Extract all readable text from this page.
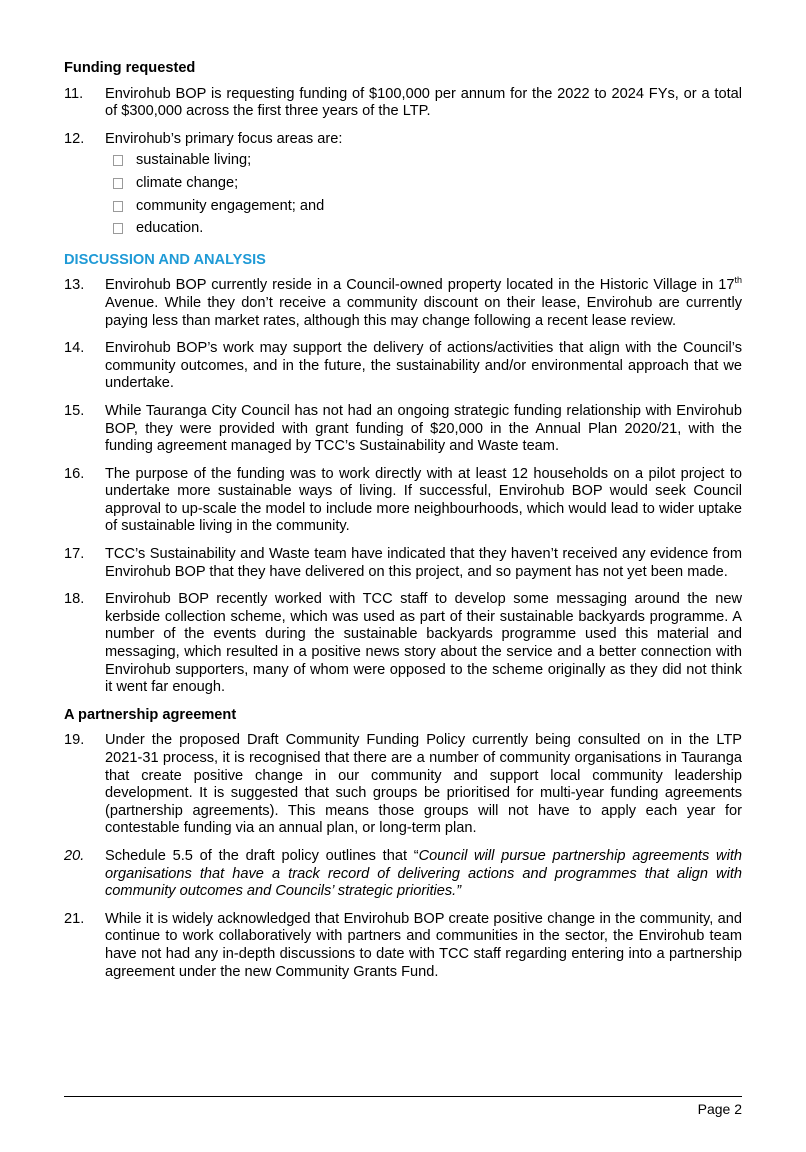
Funding requested
11. Envirohub BOP is requesting funding of $100,000 per annum for the 2022 to 2024 FYs, or a total of $300,000 across the first three years of the LTP.
12. Envirohub’s primary focus areas are:
sustainable living;
climate change;
community engagement; and
education.
DISCUSSION AND ANALYSIS
13. Envirohub BOP currently reside in a Council-owned property located in the Historic Village in 17th Avenue. While they don’t receive a community discount on their lease, Envirohub are currently paying less than market rates, although this may change following a recent lease review.
14. Envirohub BOP’s work may support the delivery of actions/activities that align with the Council’s community outcomes, and in the future, the sustainability and/or environmental approach that we undertake.
15. While Tauranga City Council has not had an ongoing strategic funding relationship with Envirohub BOP, they were provided with grant funding of $20,000 in the Annual Plan 2020/21, with the funding agreement managed by TCC’s Sustainability and Waste team.
16. The purpose of the funding was to work directly with at least 12 households on a pilot project to undertake more sustainable ways of living. If successful, Envirohub BOP would seek Council approval to up-scale the model to include more neighbourhoods, which would lead to wider uptake of sustainable living in the community.
17. TCC’s Sustainability and Waste team have indicated that they haven’t received any evidence from Envirohub BOP that they have delivered on this project, and so payment has not yet been made.
18. Envirohub BOP recently worked with TCC staff to develop some messaging around the new kerbside collection scheme, which was used as part of their sustainable backyards programme. A number of the events during the sustainable backyards programme used this material and messaging, which resulted in a positive news story about the service and a better connection with Envirohub supporters, many of whom were opposed to the scheme originally as they did not think it went far enough.
A partnership agreement
19. Under the proposed Draft Community Funding Policy currently being consulted on in the LTP 2021-31 process, it is recognised that there are a number of community organisations in Tauranga that create positive change in our community and support local community leadership development. It is suggested that such groups be prioritised for multi-year funding agreements (partnership agreements). This means those groups will not have to apply each year for contestable funding via an annual plan, or long-term plan.
20. Schedule 5.5 of the draft policy outlines that “Council will pursue partnership agreements with organisations that have a track record of delivering actions and programmes that align with community outcomes and Councils’ strategic priorities.”
21. While it is widely acknowledged that Envirohub BOP create positive change in the community, and continue to work collaboratively with partners and communities in the sector, the Envirohub team have not had any in-depth discussions to date with TCC staff regarding entering into a partnership agreement under the new Community Grants Fund.
Page 2
